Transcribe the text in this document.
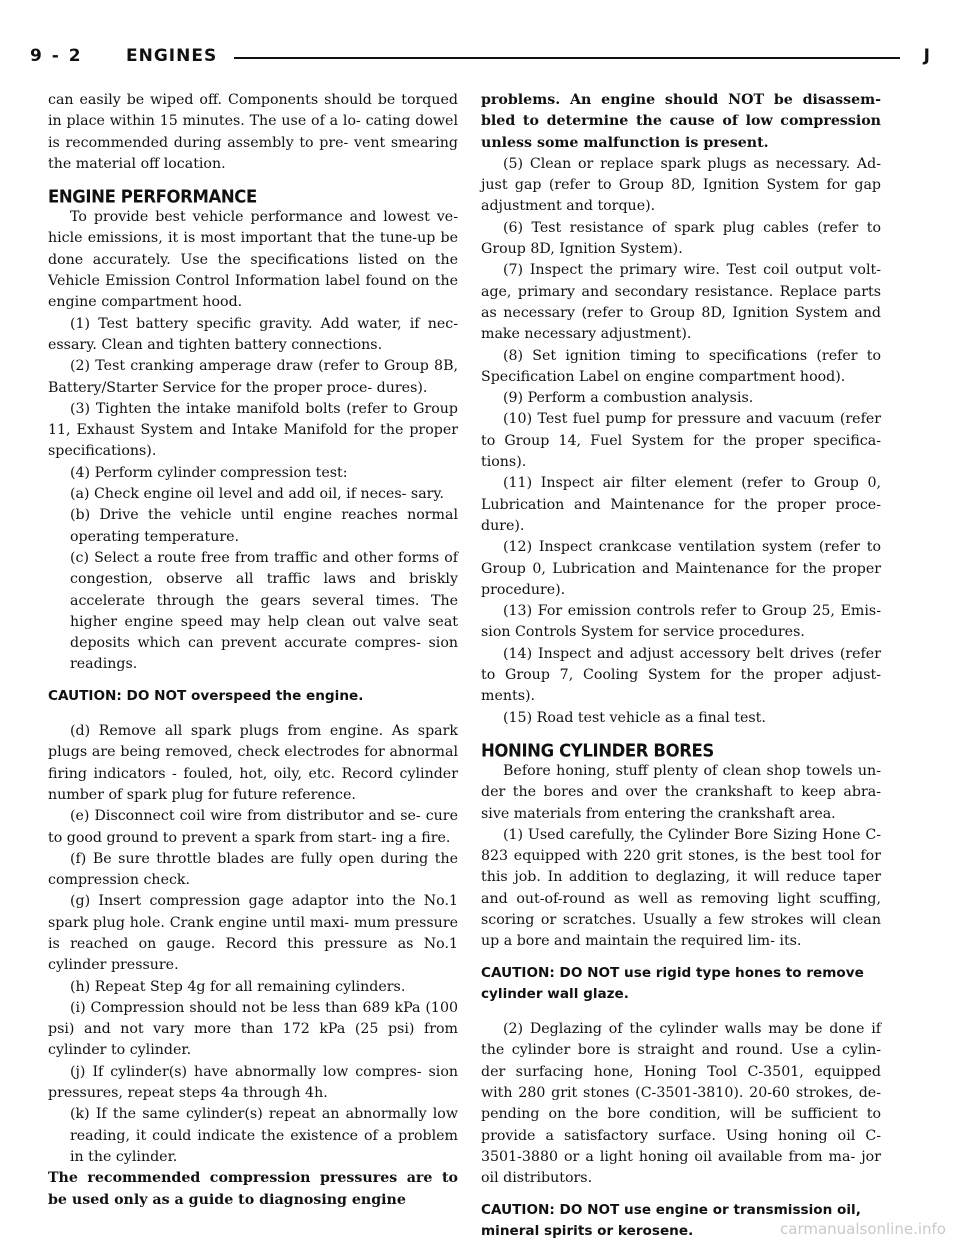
9 - 2	ENGINES	J

can easily be wiped off. Components should be torqued in place within 15 minutes. The use of a lo- cating dowel is recommended during assembly to pre- vent smearing the material off location.

ENGINE PERFORMANCE

To provide best vehicle performance and lowest ve- hicle emissions, it is most important that the tune-up be done accurately. Use the specifications listed on the Vehicle Emission Control Information label found on the engine compartment hood.

(1) Test battery specific gravity. Add water, if nec- essary. Clean and tighten battery connections.

(2) Test cranking amperage draw (refer to Group 8B, Battery/Starter Service for the proper proce- dures).

(3) Tighten the intake manifold bolts (refer to Group 11, Exhaust System and Intake Manifold for the proper specifications).

(4) Perform cylinder compression test:

(a) Check engine oil level and add oil, if neces- sary.

(b) Drive the vehicle until engine reaches normal operating temperature.

(c) Select a route free from traffic and other forms of congestion, observe all traffic laws and briskly accelerate through the gears several times. The higher engine speed may help clean out valve seat deposits which can prevent accurate compres- sion readings.

CAUTION: DO NOT overspeed the engine.

(d) Remove all spark plugs from engine. As spark plugs are being removed, check electrodes for abnormal firing indicators - fouled, hot, oily, etc. Record cylinder number of spark plug for future reference.

(e) Disconnect coil wire from distributor and se- cure to good ground to prevent a spark from start- ing a fire.

(f) Be sure throttle blades are fully open during the compression check.

(g) Insert compression gage adaptor into the No.1 spark plug hole. Crank engine until maxi- mum pressure is reached on gauge. Record this pressure as No.1 cylinder pressure.

(h) Repeat Step 4g for all remaining cylinders.

(i) Compression should not be less than 689 kPa (100 psi) and not vary more than 172 kPa (25 psi) from cylinder to cylinder.

(j) If cylinder(s) have abnormally low compres- sion pressures, repeat steps 4a through 4h.

(k) If the same cylinder(s) repeat an abnormally low reading, it could indicate the existence of a problem in the cylinder.

The recommended compression pressures are to be used only as a guide to diagnosing engine

problems. An engine should NOT be disassem- bled to determine the cause of low compression unless some malfunction is present.

(5) Clean or replace spark plugs as necessary. Ad- just gap (refer to Group 8D, Ignition System for gap adjustment and torque).

(6) Test resistance of spark plug cables (refer to Group 8D, Ignition System).

(7) Inspect the primary wire. Test coil output volt- age, primary and secondary resistance. Replace parts as necessary (refer to Group 8D, Ignition System and make necessary adjustment).

(8) Set ignition timing to specifications (refer to Specification Label on engine compartment hood).

(9) Perform a combustion analysis.

(10) Test fuel pump for pressure and vacuum (refer to Group 14, Fuel System for the proper specifica- tions).

(11) Inspect air filter element (refer to Group 0, Lubrication and Maintenance for the proper proce- dure).

(12) Inspect crankcase ventilation system (refer to Group 0, Lubrication and Maintenance for the proper procedure).

(13) For emission controls refer to Group 25, Emis- sion Controls System for service procedures.

(14) Inspect and adjust accessory belt drives (refer to Group 7, Cooling System for the proper adjust- ments).

(15) Road test vehicle as a final test.

HONING CYLINDER BORES

Before honing, stuff plenty of clean shop towels un- der the bores and over the crankshaft to keep abra- sive materials from entering the crankshaft area.

(1) Used carefully, the Cylinder Bore Sizing Hone C-823 equipped with 220 grit stones, is the best tool for this job. In addition to deglazing, it will reduce taper and out-of-round as well as removing light scuffing, scoring or scratches. Usually a few strokes will clean up a bore and maintain the required lim- its.

CAUTION: DO NOT use rigid type hones to remove cylinder wall glaze.

(2) Deglazing of the cylinder walls may be done if the cylinder bore is straight and round. Use a cylin- der surfacing hone, Honing Tool C-3501, equipped with 280 grit stones (C-3501-3810). 20-60 strokes, de- pending on the bore condition, will be sufficient to provide a satisfactory surface. Using honing oil C-3501-3880 or a light honing oil available from ma- jor oil distributors.

CAUTION: DO NOT use engine or transmission oil, mineral spirits or kerosene.	carmanualsonline.info
